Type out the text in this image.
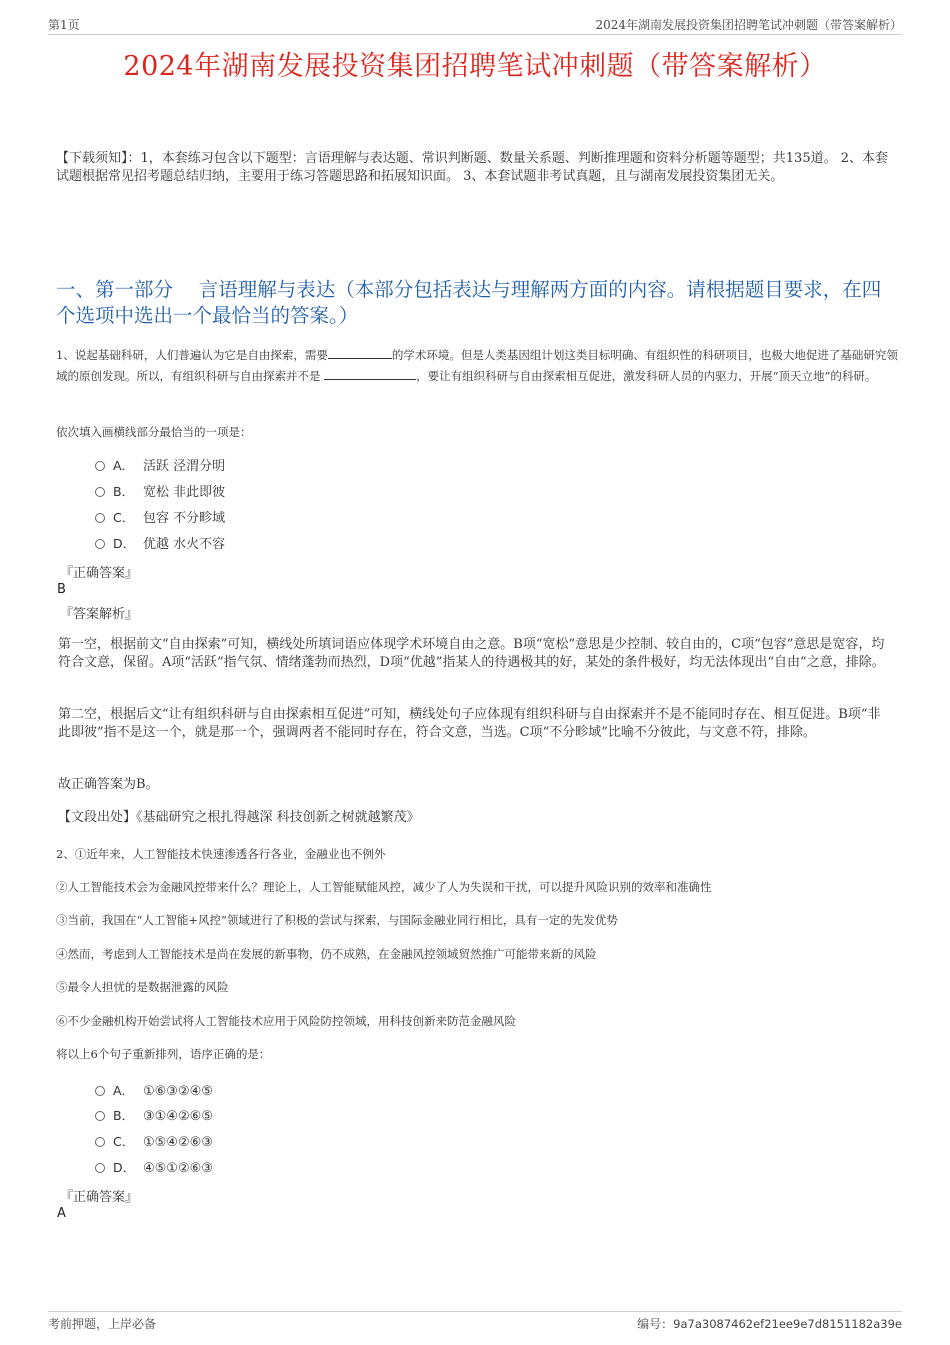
第1页	2024年湖南发展投资集团招聘笔试冲刺题（带答案解析）
2024年湖南发展投资集团招聘笔试冲刺题（带答案解析）
【下载须知】：1，本套练习包含以下题型：言语理解与表达题、常识判断题、数量关系题、判断推理题和资料分析题等题型；共135道。 2、本套试题根据常见招考题总结归纳，主要用于练习答题思路和拓展知识面。 3、本套试题非考试真题，且与湖南发展投资集团无关。
一、第一部分　 言语理解与表达（本部分包括表达与理解两方面的内容。请根据题目要求，在四个选项中选出一个最恰当的答案。）
1、说起基础科研，人们普遍认为它是自由探索，需要	的学术环境。但是人类基因组计划这类目标明确、有组织性的科研项目，也极大地促进了基础研究领域的原创发现。所以，有组织科研与自由探索并不是	，要让有组织科研与自由探索相互促进，激发科研人员的内驱力，开展“顶天立地”的科研。
依次填入画横线部分最恰当的一项是：
A． 活跃 泾渭分明
B． 宽松 非此即彼
C． 包容 不分畛域
D． 优越 水火不容
『正确答案』
B
『答案解析』
第一空，根据前文“自由探索”可知，横线处所填词语应体现学术环境自由之意。B项“宽松”意思是少控制、较自由的，C项“包容”意思是宽容，均符合文意，保留。A项“活跃”指气氛、情绪蓬勃而热烈，D项“优越”指某人的待遇极其的好，某处的条件极好，均无法体现出“自由”之意，排除。
第二空，根据后文“让有组织科研与自由探索相互促进”可知，横线处句子应体现有组织科研与自由探索并不是不能同时存在、相互促进。B项“非此即彼”指不是这一个，就是那一个，强调两者不能同时存在，符合文意，当选。C项“不分畛域”比喻不分彼此，与文意不符，排除。
故正确答案为B。
【文段出处】《基础研究之根扎得越深 科技创新之树就越繁茂》
2、①近年来，人工智能技术快速渗透各行各业，金融业也不例外
②人工智能技术会为金融风控带来什么？理论上，人工智能赋能风控，减少了人为失误和干扰，可以提升风险识别的效率和准确性
③当前，我国在“人工智能+风控”领域进行了积极的尝试与探索，与国际金融业同行相比，具有一定的先发优势
④然而，考虑到人工智能技术是尚在发展的新事物，仍不成熟，在金融风控领域贸然推广可能带来新的风险
⑤最令人担忧的是数据泄露的风险
⑥不少金融机构开始尝试将人工智能技术应用于风险防控领域，用科技创新来防范金融风险
将以上6个句子重新排列，语序正确的是：
A． ①⑥③②④⑤
B． ③①④②⑥⑤
C． ①⑤④②⑥③
D． ④⑤①②⑥③
『正确答案』
A
考前押题，上岸必备	编号：9a7a3087462ef21ee9e7d8151182a39e
